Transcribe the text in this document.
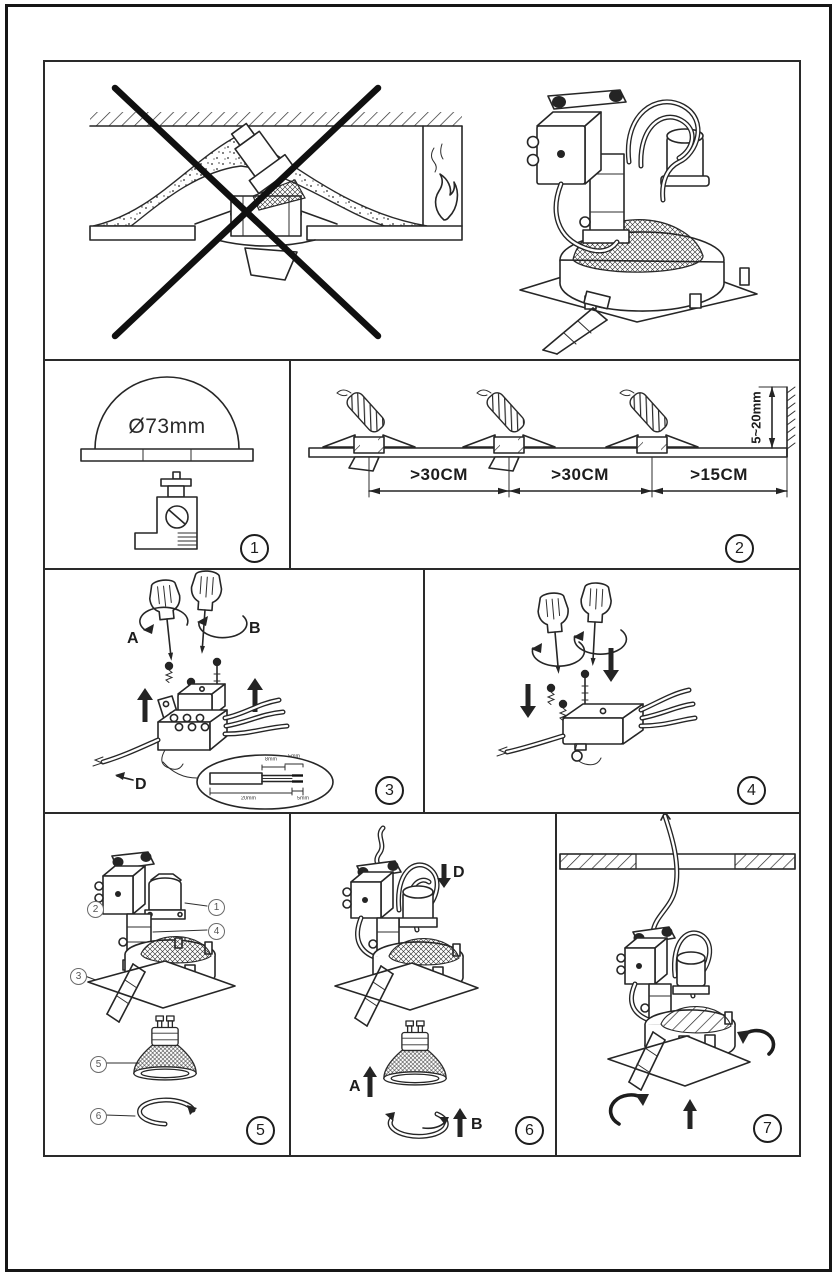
Ø73mm
1
>30CM	>30CM	>15CM
5~20mm
2
A
B
D
8mm
5mm
20mm	5mm
3	4
2	1
4
3
5
6
5
D
A
B	6	7
